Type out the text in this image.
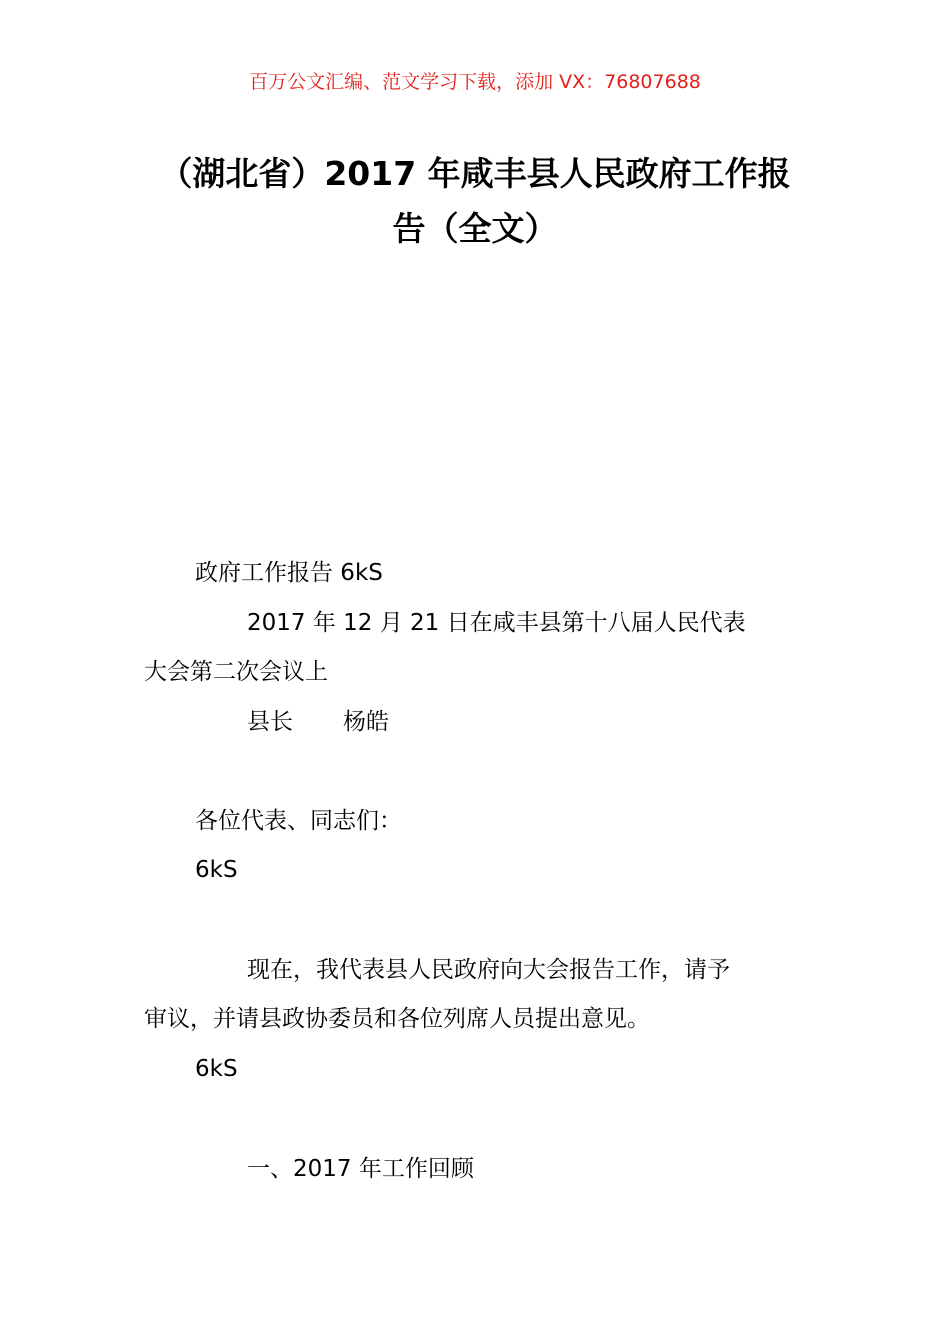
百万公文汇编、范文学习下载，添加 VX：76807688
（湖北省）2017 年咸丰县人民政府工作报
告（全文）

政府工作报告 6kS

2017 年 12 月 21 日在咸丰县第十八届人民代表

大会第二次会议上

县长 杨皓

各位代表、同志们：

6kS

现在，我代表县人民政府向大会报告工作，请予

审议，并请县政协委员和各位列席人员提出意见。

6kS

一、2017 年工作回顾
